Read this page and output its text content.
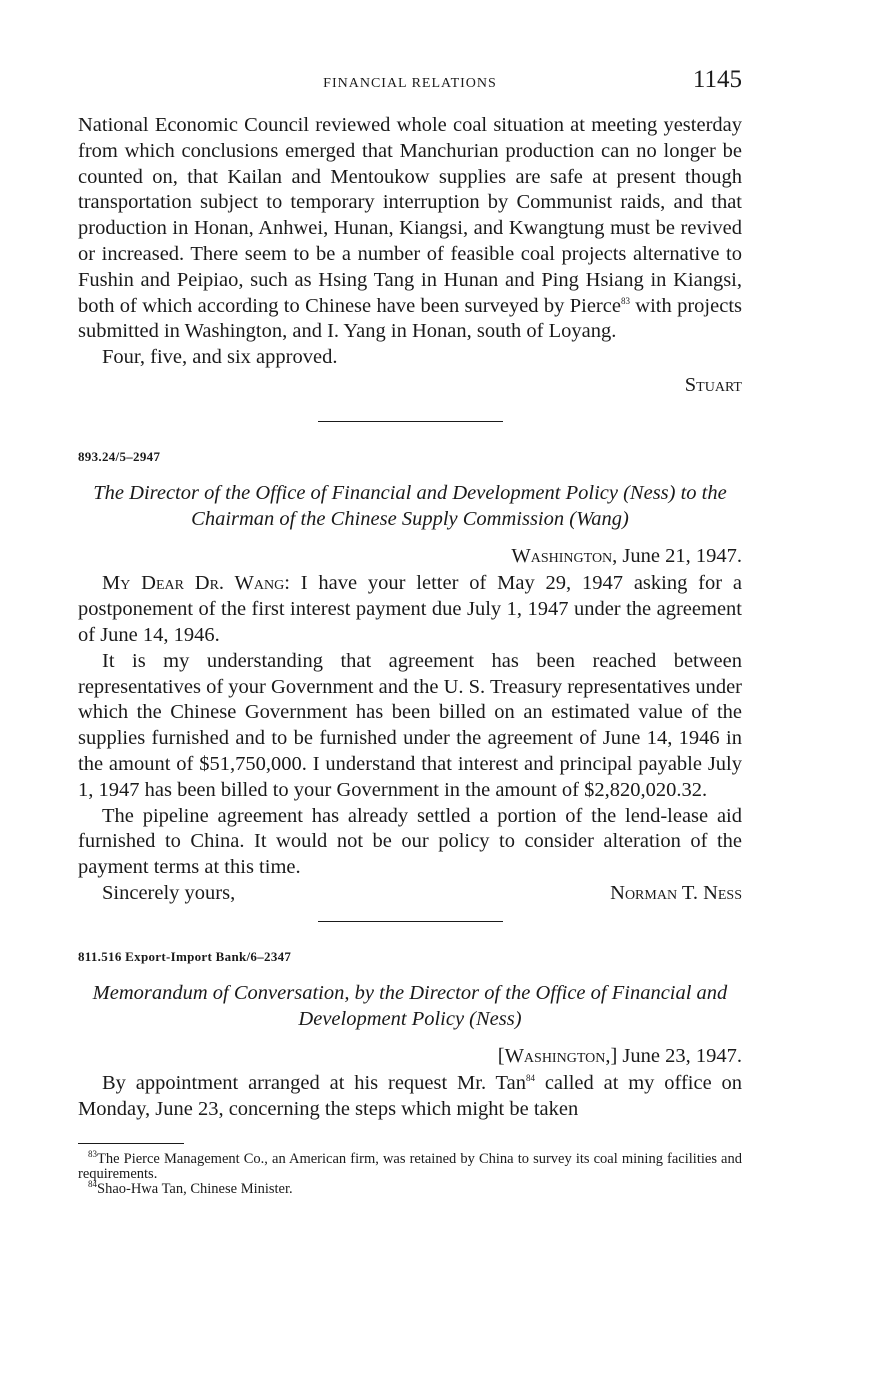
FINANCIAL RELATIONS	1145

National Economic Council reviewed whole coal situation at meeting yesterday from which conclusions emerged that Manchurian production can no longer be counted on, that Kailan and Mentoukow supplies are safe at present though transportation subject to temporary interruption by Communist raids, and that production in Honan, Anhwei, Hunan, Kiangsi, and Kwangtung must be revived or increased. There seem to be a number of feasible coal projects alternative to Fushin and Peipiao, such as Hsing Tang in Hunan and Ping Hsiang in Kiangsi, both of which according to Chinese have been surveyed by Pierce$^{83}$ with projects submitted in Washington, and I. Yang in Honan, south of Loyang.

Four, five, and six approved.

Stuart

893.24/5–2947
The Director of the Office of Financial and Development Policy (Ness) to the Chairman of the Chinese Supply Commission (Wang)

Washington, June 21, 1947.

My Dear Dr. Wang: I have your letter of May 29, 1947 asking for a postponement of the first interest payment due July 1, 1947 under the agreement of June 14, 1946.

It is my understanding that agreement has been reached between representatives of your Government and the U. S. Treasury representatives under which the Chinese Government has been billed on an estimated value of the supplies furnished and to be furnished under the agreement of June 14, 1946 in the amount of $51,750,000. I understand that interest and principal payable July 1, 1947 has been billed to your Government in the amount of $2,820,020.32.

The pipeline agreement has already settled a portion of the lend-lease aid furnished to China. It would not be our policy to consider alteration of the payment terms at this time.

Sincerely yours,	Norman T. Ness
811.516 Export-Import Bank/6–2347
Memorandum of Conversation, by the Director of the Office of Financial and Development Policy (Ness)

[Washington,] June 23, 1947.

By appointment arranged at his request Mr. Tan$^{84}$ called at my office on Monday, June 23, concerning the steps which might be taken

$^{83}$The Pierce Management Co., an American firm, was retained by China to survey its coal mining facilities and requirements.

$^{84}$Shao-Hwa Tan, Chinese Minister.
